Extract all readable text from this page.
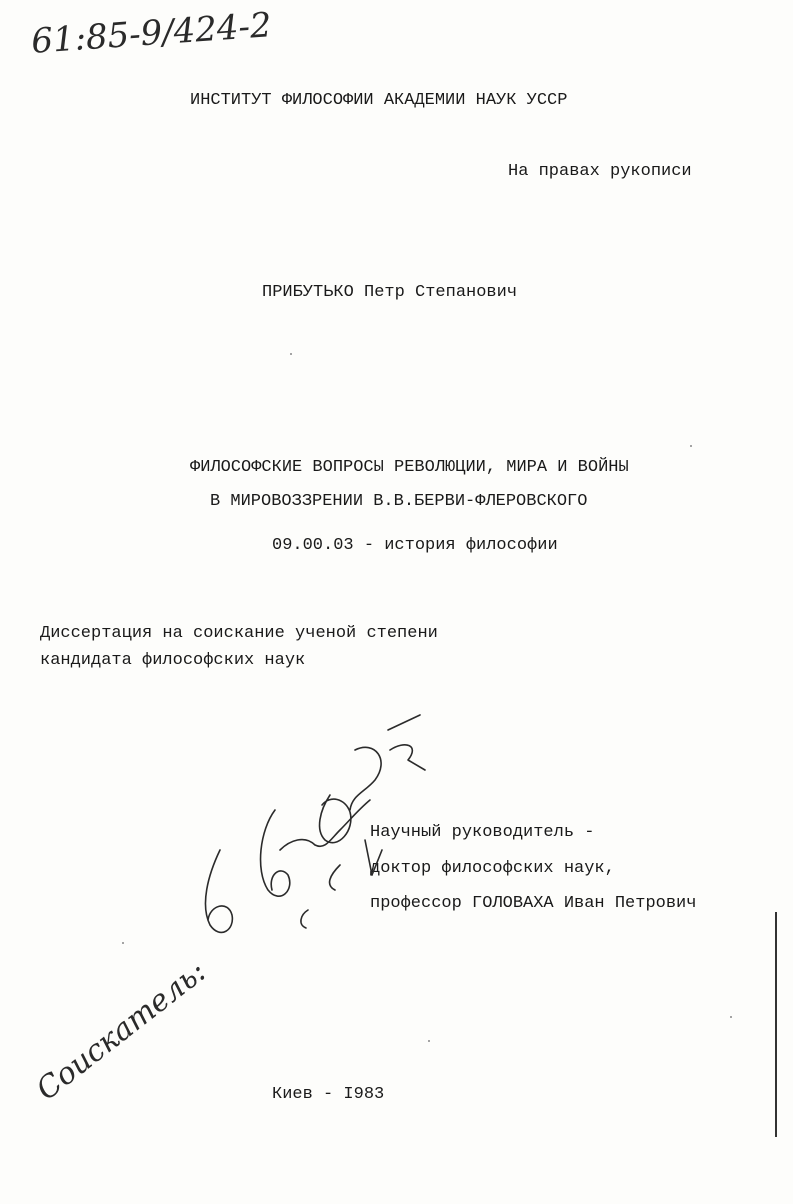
61:85-9/424-2
ИНСТИТУТ ФИЛОСОФИИ АКАДЕМИИ НАУК УССР
На правах рукописи
ПРИБУТЬКО Петр Степанович
ФИЛОСОФСКИЕ ВОПРОСЫ РЕВОЛЮЦИИ, МИРА И ВОЙНЫ
В МИРОВОЗЗРЕНИИ В.В.БЕРВИ-ФЛЕРОВСКОГО
09.00.03 - история философии
Диссертация на соискание ученой степени
кандидата философских наук
Научный руководитель -
доктор философских наук,
профессор ГОЛОВАХА Иван Петрович
Соискатель:	Киев - I983
